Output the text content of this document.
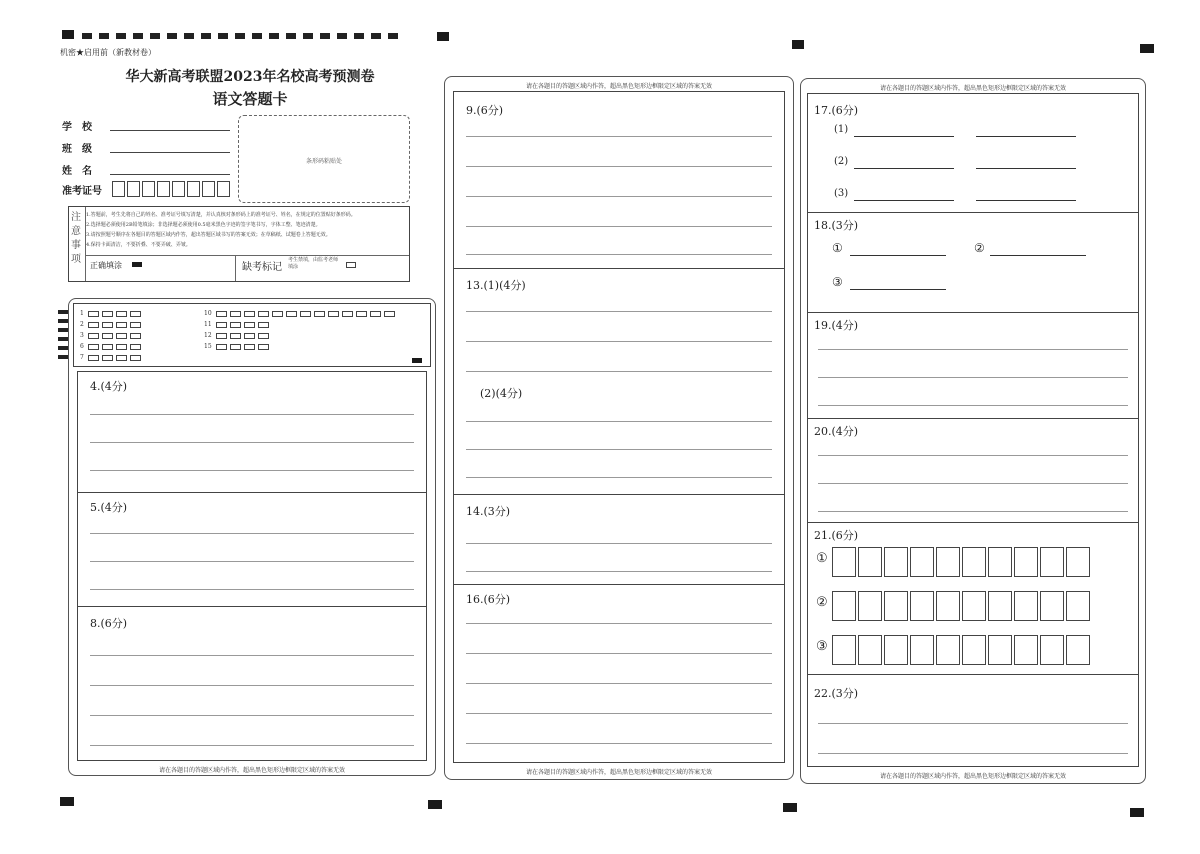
机密★启用前（新教材卷）
华大新高考联盟2023年名校高考预测卷
语文答题卡
学　校
班　级
姓　名
准考证号
条形码粘贴处
注意事项
1.答题前，考生先将自己的姓名、准考证号填写清楚，并认真核对条形码上的准考证号、姓名，在规定的位置贴好条形码。
2.选择题必须使用2B铅笔填涂；非选择题必须使用0.5毫米黑色字迹的签字笔书写，字体工整、笔迹清楚。
3.请按照题号顺序在各题目的答题区域内作答，超出答题区域书写的答案无效；在草稿纸、试题卷上答题无效。
4.保持卡面清洁，不要折叠、不要弄破、弄皱。
正确填涂	缺考标记
考生禁填，由监考老师填涂
1
2
3
6
7
10
11
12
15
4.(4分)
5.(4分)
8.(6分)
请在各题目的答题区域内作答，超出黑色矩形边框限定区域的答案无效
请在各题目的答题区域内作答，超出黑色矩形边框限定区域的答案无效
9.(6分)
13.(1)(4分)
(2)(4分)
14.(3分)
16.(6分)
请在各题目的答题区域内作答，超出黑色矩形边框限定区域的答案无效
请在各题目的答题区域内作答，超出黑色矩形边框限定区域的答案无效
17.(6分)
(1)
(2)
(3)
18.(3分)
①	②
③
19.(4分)
20.(4分)
21.(6分)
①
②
③
22.(3分)
请在各题目的答题区域内作答，超出黑色矩形边框限定区域的答案无效
